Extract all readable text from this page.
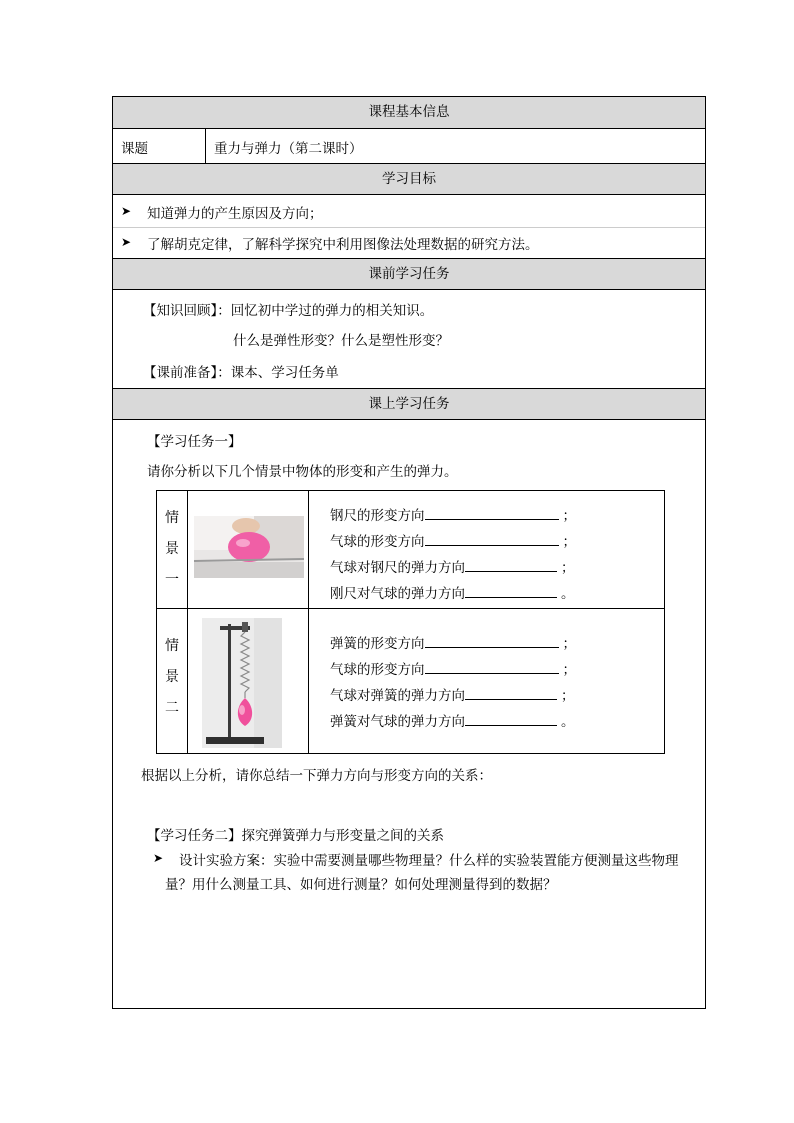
课程基本信息
课题	重力与弹力（第二课时）
学习目标
➤ 知道弹力的产生原因及方向；
➤ 了解胡克定律，了解科学探究中利用图像法处理数据的研究方法。
课前学习任务
【知识回顾】：回忆初中学过的弹力的相关知识。
什么是弹性形变？什么是塑性形变？
【课前准备】：课本、学习任务单
课上学习任务
【学习任务一】
请你分析以下几个情景中物体的形变和产生的弹力。
情
景
一
钢尺的形变方向	；
气球的形变方向	；
气球对钢尺的弹力方向	；
刚尺对气球的弹力方向	。
情
景
二
弹簧的形变方向	；
气球的形变方向	；
气球对弹簧的弹力方向	；
弹簧对气球的弹力方向	。
根据以上分析，请你总结一下弹力方向与形变方向的关系：
【学习任务二】探究弹簧弹力与形变量之间的关系
➤ 设计实验方案：实验中需要测量哪些物理量？什么样的实验装置能方便测量这些物理
量？用什么测量工具、如何进行测量？如何处理测量得到的数据？
